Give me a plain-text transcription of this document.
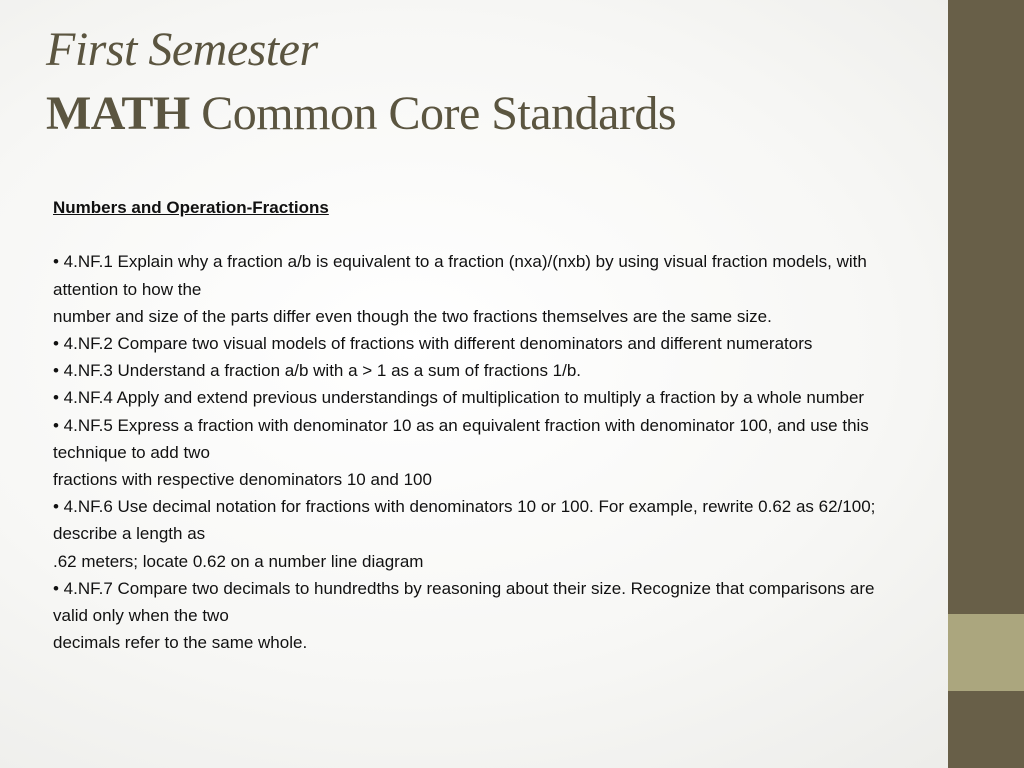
First Semester
MATH Common Core Standards

Numbers and Operation-Fractions

• 4.NF.1 Explain why a fraction a/b is equivalent to a fraction (nxa)/(nxb) by using visual fraction models, with attention to how the

number and size of the parts differ even though the two fractions themselves are the same size.

• 4.NF.2 Compare two visual models of fractions with different denominators and different numerators

• 4.NF.3 Understand a fraction a/b with a > 1 as a sum of fractions 1/b.

• 4.NF.4 Apply and extend previous understandings of multiplication to multiply a fraction by a whole number

• 4.NF.5 Express a fraction with denominator 10 as an equivalent fraction with denominator 100, and use this technique to add two

fractions with respective denominators 10 and 100

• 4.NF.6 Use decimal notation for fractions with denominators 10 or 100. For example, rewrite 0.62 as 62/100; describe a length as

.62 meters; locate 0.62 on a number line diagram

• 4.NF.7 Compare two decimals to hundredths by reasoning about their size. Recognize that comparisons are valid only when the two

decimals refer to the same whole.
